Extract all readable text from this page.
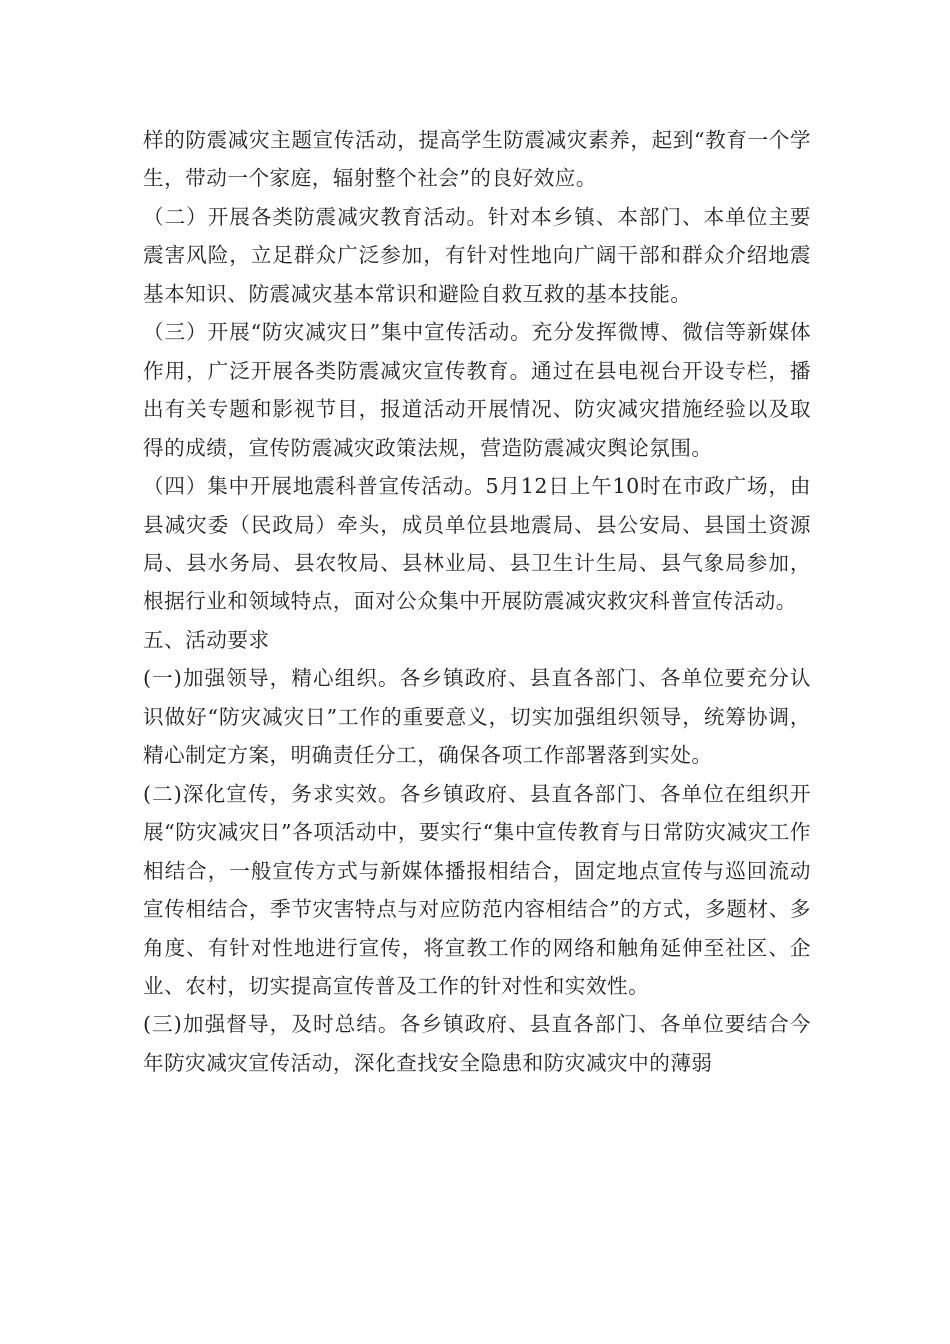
样的防震减灾主题宣传活动，提高学生防震减灾素养，起到“教育一个学生，带动一个家庭，辐射整个社会”的良好效应。

（二）开展各类防震减灾教育活动。针对本乡镇、本部门、本单位主要震害风险，立足群众广泛参加，有针对性地向广阔干部和群众介绍地震基本知识、防震减灾基本常识和避险自救互救的基本技能。

（三）开展“防灾减灾日”集中宣传活动。充分发挥微博、微信等新媒体作用，广泛开展各类防震减灾宣传教育。通过在县电视台开设专栏，播出有关专题和影视节目，报道活动开展情况、防灾减灾措施经验以及取得的成绩，宣传防震减灾政策法规，营造防震减灾舆论氛围。

（四）集中开展地震科普宣传活动。5月12日上午10时在市政广场，由县减灾委（民政局）牵头，成员单位县地震局、县公安局、县国土资源局、县水务局、县农牧局、县林业局、县卫生计生局、县气象局参加，根据行业和领域特点，面对公众集中开展防震减灾救灾科普宣传活动。

五、活动要求

(一)加强领导，精心组织。各乡镇政府、县直各部门、各单位要充分认识做好“防灾减灾日”工作的重要意义，切实加强组织领导，统筹协调，精心制定方案，明确责任分工，确保各项工作部署落到实处。

(二)深化宣传，务求实效。各乡镇政府、县直各部门、各单位在组织开展“防灾减灾日”各项活动中，要实行“集中宣传教育与日常防灾减灾工作相结合，一般宣传方式与新媒体播报相结合，固定地点宣传与巡回流动宣传相结合，季节灾害特点与对应防范内容相结合”的方式，多题材、多角度、有针对性地进行宣传，将宣教工作的网络和触角延伸至社区、企业、农村，切实提高宣传普及工作的针对性和实效性。

(三)加强督导，及时总结。各乡镇政府、县直各部门、各单位要结合今年防灾减灾宣传活动，深化查找安全隐患和防灾减灾中的薄弱
